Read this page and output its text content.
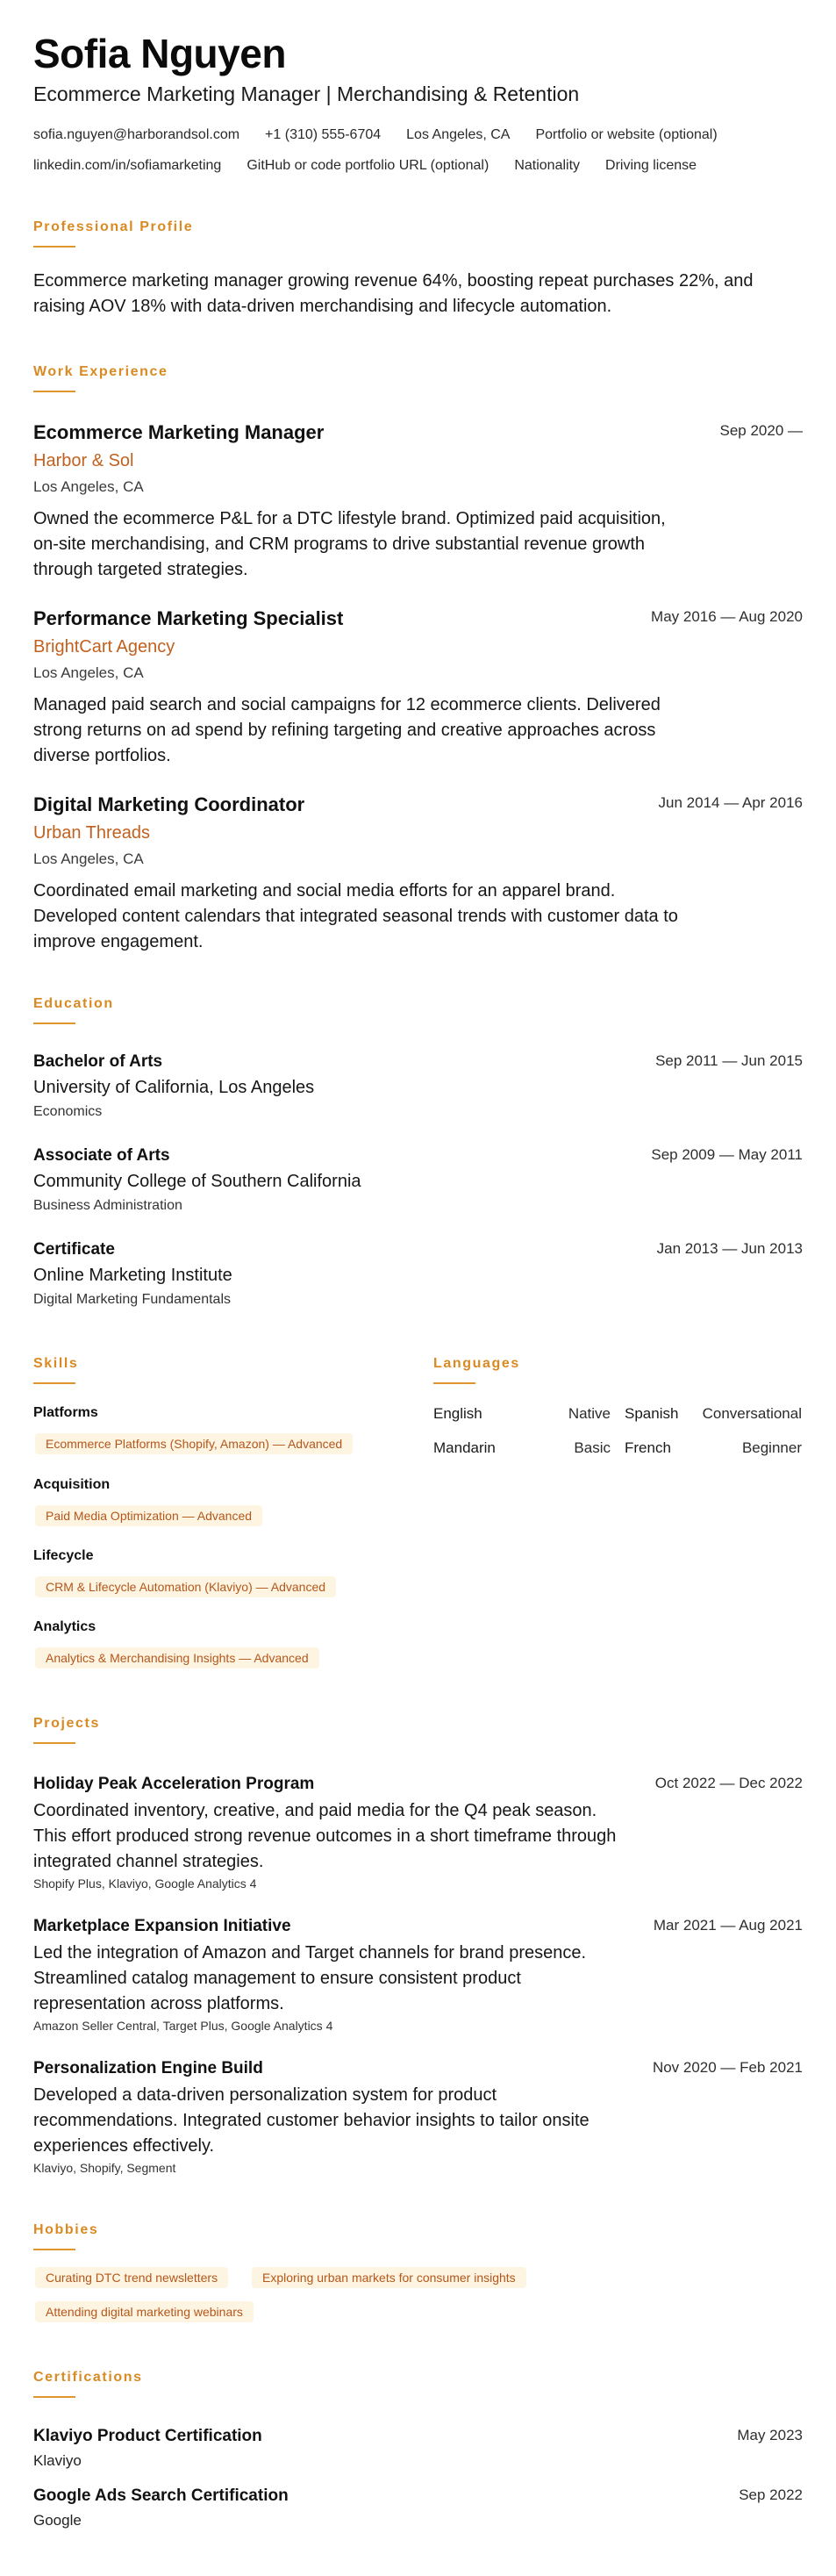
Sofia Nguyen
Ecommerce Marketing Manager | Merchandising & Retention
sofia.nguyen@harborandsol.com +1 (310) 555-6704 Los Angeles, CA Portfolio or website (optional)
linkedin.com/in/sofiamarketing GitHub or code portfolio URL (optional) Nationality Driving license
Professional Profile
Ecommerce marketing manager growing revenue 64%, boosting repeat purchases 22%, and raising AOV 18% with data-driven merchandising and lifecycle automation.
Work Experience
Ecommerce Marketing Manager	Sep 2020 —
Harbor & Sol
Los Angeles, CA
Owned the ecommerce P&L for a DTC lifestyle brand. Optimized paid acquisition, on-site merchandising, and CRM programs to drive substantial revenue growth through targeted strategies.
Performance Marketing Specialist	May 2016 — Aug 2020
BrightCart Agency
Los Angeles, CA
Managed paid search and social campaigns for 12 ecommerce clients. Delivered strong returns on ad spend by refining targeting and creative approaches across diverse portfolios.
Digital Marketing Coordinator	Jun 2014 — Apr 2016
Urban Threads
Los Angeles, CA
Coordinated email marketing and social media efforts for an apparel brand. Developed content calendars that integrated seasonal trends with customer data to improve engagement.
Education
Bachelor of Arts	Sep 2011 — Jun 2015
University of California, Los Angeles
Economics
Associate of Arts	Sep 2009 — May 2011
Community College of Southern California
Business Administration
Certificate	Jan 2013 — Jun 2013
Online Marketing Institute
Digital Marketing Fundamentals
Skills
Platforms
Ecommerce Platforms (Shopify, Amazon) — Advanced
Acquisition
Paid Media Optimization — Advanced
Lifecycle
CRM & Lifecycle Automation (Klaviyo) — Advanced
Analytics
Analytics & Merchandising Insights — Advanced
Languages
English	Native Spanish Conversational
Mandarin	Basic French	Beginner
Projects
Holiday Peak Acceleration Program	Oct 2022 — Dec 2022
Coordinated inventory, creative, and paid media for the Q4 peak season. This effort produced strong revenue outcomes in a short timeframe through integrated channel strategies.
Shopify Plus, Klaviyo, Google Analytics 4
Marketplace Expansion Initiative	Mar 2021 — Aug 2021
Led the integration of Amazon and Target channels for brand presence. Streamlined catalog management to ensure consistent product representation across platforms.
Amazon Seller Central, Target Plus, Google Analytics 4
Personalization Engine Build	Nov 2020 — Feb 2021
Developed a data-driven personalization system for product recommendations. Integrated customer behavior insights to tailor onsite experiences effectively.
Klaviyo, Shopify, Segment
Hobbies
Curating DTC trend newsletters	Exploring urban markets for consumer insights
Attending digital marketing webinars
Certifications
Klaviyo Product Certification	May 2023
Klaviyo
Google Ads Search Certification	Sep 2022
Google
